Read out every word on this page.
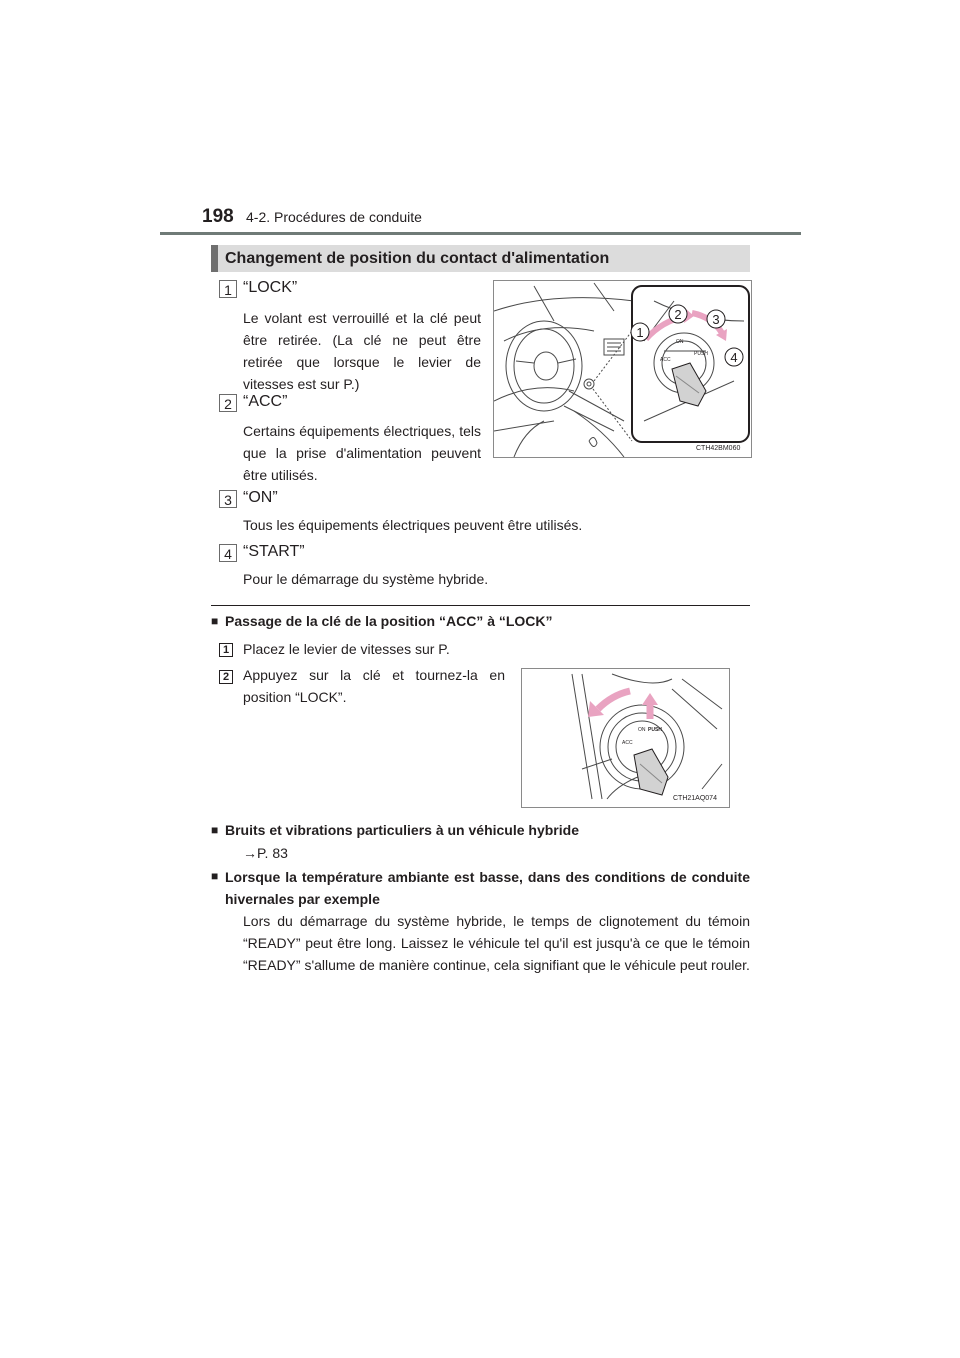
198 4-2. Procédures de conduite
Changement de position du contact d'alimentation
1 “LOCK”
Le volant est verrouillé et la clé peut être retirée. (La clé ne peut être retirée que lorsque le levier de vitesses est sur P.)
2 “ACC”
Certains équipements électriques, tels que la prise d'alimentation peuvent être utilisés.
3 “ON”
Tous les équipements électriques peuvent être utilisés.
4 “START”
Pour le démarrage du système hybride.
ON
PUSH
ACC
1
2 3
4
CTH42BM060
■ Passage de la clé de la position “ACC” à “LOCK”
1 Placez le levier de vitesses sur P.
2 Appuyez sur la clé et tournez-la en position “LOCK”.
ON PUSH
ACC
CTH21AQ074
■ Bruits et vibrations particuliers à un véhicule hybride
→P. 83
■ Lorsque la température ambiante est basse, dans des conditions de conduite hivernales par exemple
Lors du démarrage du système hybride, le temps de clignotement du témoin “READY” peut être long. Laissez le véhicule tel qu'il est jusqu'à ce que le témoin “READY” s'allume de manière continue, cela signifiant que le véhicule peut rouler.
